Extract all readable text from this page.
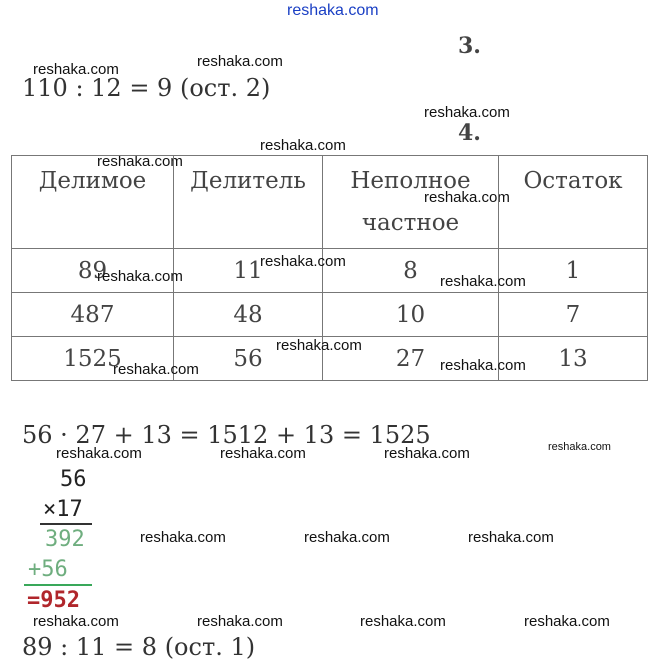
reshaka.com
reshaka.com	reshaka.com
reshaka.com
reshaka.com
reshaka.com
reshaka.com
3.
110 : 12 = 9 (ост. 2)
4.
Делимое	Делитель	Неполное частное	Остаток
89	11	8	1
487	48	10	7
1525	56	27	13
reshaka.com
reshaka.com	reshaka.com
reshaka.com
reshaka.com
reshaka.com
56 · 27 + 13 = 1512 + 13 = 1525	reshaka.com
reshaka.com	reshaka.com	reshaka.com
56
×17
392
+56
=952
reshaka.com	reshaka.com	reshaka.com
reshaka.com	reshaka.com	reshaka.com	reshaka.com
89 : 11 = 8 (ост. 1)
